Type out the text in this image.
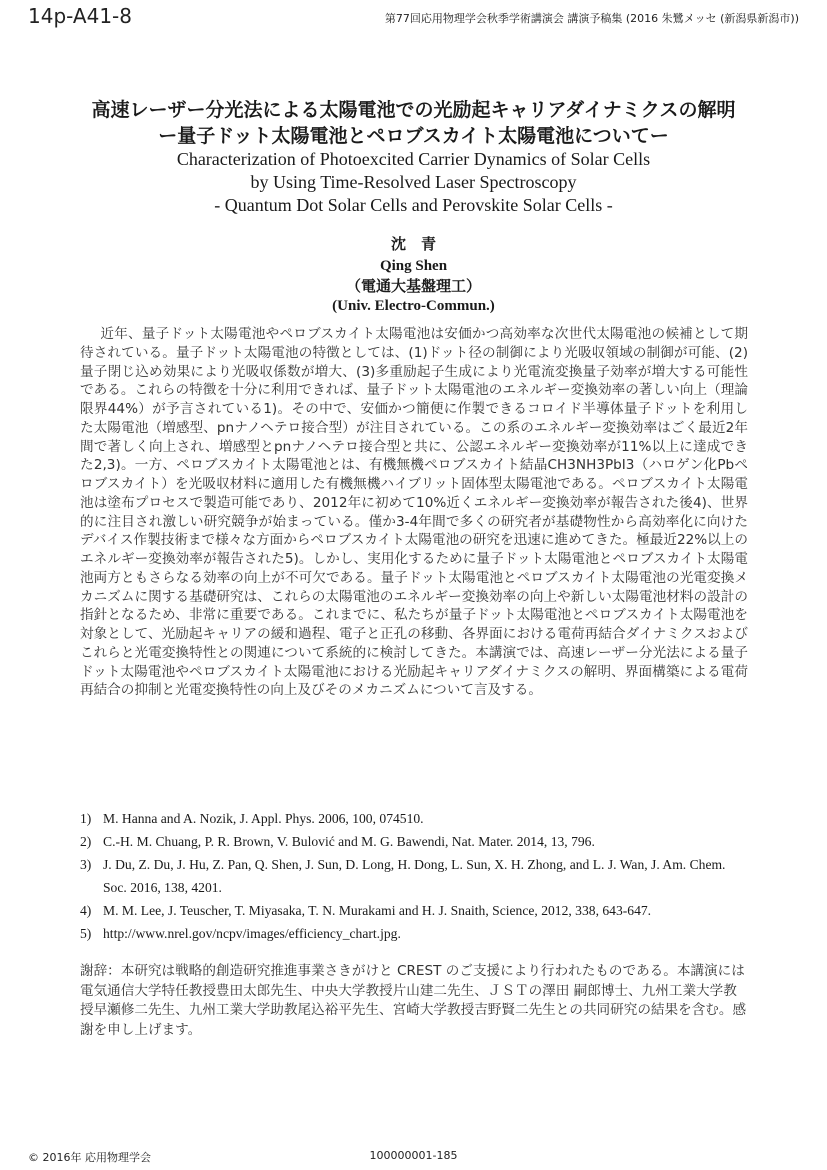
14p-A41-8	第77回応用物理学会秋季学術講演会 講演予稿集 (2016 朱鷺メッセ (新潟県新潟市))
高速レーザー分光法による太陽電池での光励起キャリアダイナミクスの解明
ー量子ドット太陽電池とペロブスカイト太陽電池についてー
Characterization of Photoexcited Carrier Dynamics of Solar Cells
by Using Time-Resolved Laser Spectroscopy
- Quantum Dot Solar Cells and Perovskite Solar Cells -
沈　青
Qing Shen
（電通大基盤理工）
(Univ. Electro-Commun.)

近年、量子ドット太陽電池やペロブスカイト太陽電池は安価かつ高効率な次世代太陽電池の候補として期待されている。量子ドット太陽電池の特徴としては、(1)ドット径の制御により光吸収領域の制御が可能、(2)量子閉じ込め効果により光吸収係数が増大、(3)多重励起子生成により光電流変換量子効率が増大する可能性である。これらの特徴を十分に利用できれば、量子ドット太陽電池のエネルギー変換効率の著しい向上（理論限界44%）が予言されている1)。その中で、安価かつ簡便に作製できるコロイド半導体量子ドットを利用した太陽電池（増感型、pnナノヘテロ接合型）が注目されている。この系のエネルギー変換効率はごく最近2年間で著しく向上され、増感型とpnナノヘテロ接合型と共に、公認エネルギー変換効率が11%以上に達成できた2,3)。一方、ペロブスカイト太陽電池とは、有機無機ペロブスカイト結晶CH3NH3PbI3（ハロゲン化Pbペロブスカイト）を光吸収材料に適用した有機無機ハイブリット固体型太陽電池である。ペロブスカイト太陽電池は塗布プロセスで製造可能であり、2012年に初めて10%近くエネルギー変換効率が報告された後4)、世界的に注目され激しい研究競争が始まっている。僅か3-4年間で多くの研究者が基礎物性から高効率化に向けたデバイス作製技術まで様々な方面からペロブスカイト太陽電池の研究を迅速に進めてきた。極最近22%以上のエネルギー変換効率が報告された5)。しかし、実用化するために量子ドット太陽電池とペロブスカイト太陽電池両方ともさらなる効率の向上が不可欠である。量子ドット太陽電池とペロブスカイト太陽電池の光電変換メカニズムに関する基礎研究は、これらの太陽電池のエネルギー変換効率の向上や新しい太陽電池材料の設計の指針となるため、非常に重要である。これまでに、私たちが量子ドット太陽電池とペロブスカイト太陽電池を対象として、光励起キャリアの緩和過程、電子と正孔の移動、各界面における電荷再結合ダイナミクスおよびこれらと光電変換特性との関連について系統的に検討してきた。本講演では、高速レーザー分光法による量子ドット太陽電池やペロブスカイト太陽電池における光励起キャリアダイナミクスの解明、界面構築による電荷再結合の抑制と光電変換特性の向上及びそのメカニズムについて言及する。

1) M. Hanna and A. Nozik, J. Appl. Phys. 2006, 100, 074510.
2) C.-H. M. Chuang, P. R. Brown, V. Bulović and M. G. Bawendi, Nat. Mater. 2014, 13, 796.
3) J. Du, Z. Du, J. Hu, Z. Pan, Q. Shen, J. Sun, D. Long, H. Dong, L. Sun, X. H. Zhong, and L. J. Wan, J. Am. Chem. Soc. 2016, 138, 4201.
4) M. M. Lee, J. Teuscher, T. Miyasaka, T. N. Murakami and H. J. Snaith, Science, 2012, 338, 643-647.
5) http://www.nrel.gov/ncpv/images/efficiency_chart.jpg.
謝辞：本研究は戦略的創造研究推進事業さきがけと CREST のご支援により行われたものである。本講演には電気通信大学特任教授豊田太郎先生、中央大学教授片山建二先生、ＪＳＴの澤田 嗣郎博士、九州工業大学教授早瀬修二先生、九州工業大学助教尾込裕平先生、宮崎大学教授吉野賢二先生との共同研究の結果を含む。感謝を申し上げます。
© 2016年 応用物理学会	100000001-185
